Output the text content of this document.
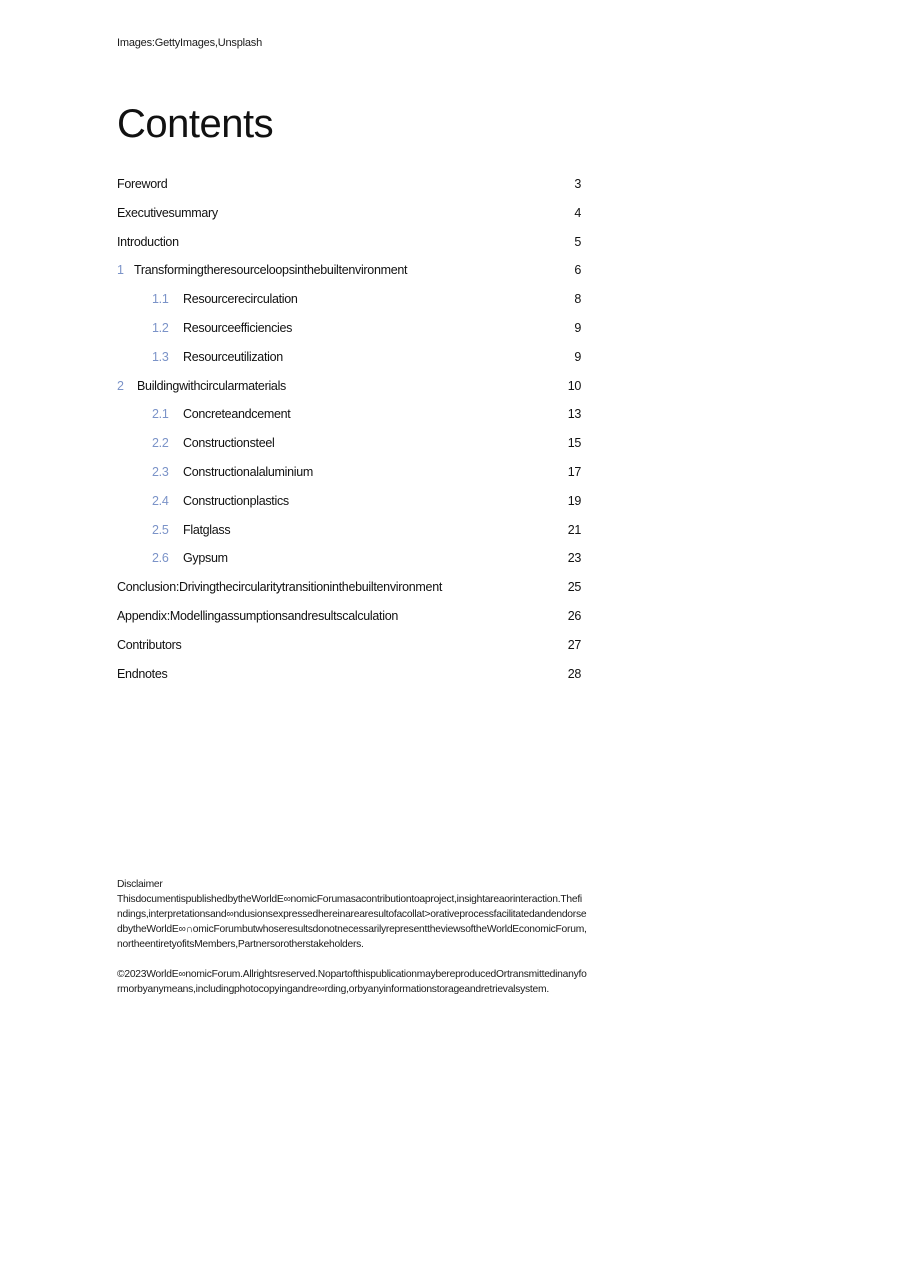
Images:GettyImages,Unsplash
Contents
Foreword	3
Executivesummary	4
Introduction	5
1 Transformingtheresourceloopsinthebuiltenvironment	6
1.1	Resourcerecirculation	8
1.2	Resourceefficiencies	9
1.3	Resourceutilization	9
2	Buildingwithcircularmaterials	10
2.1	Concreteandcement	13
2.2	Constructionsteel	15
2.3	Constructionalaluminium	17
2.4	Constructionplastics	19
2.5	Flatglass	21
2.6	Gypsum	23
Conclusion:Drivingthecircularitytransitioninthebuiltenvironment	25
Appendix:Modellingassumptionsandresultscalculation	26
Contributors	27
Endnotes	28
Disclaimer
ThisdocumentispublishedbytheWorldE∞nomicForumasacontributiontoaproject,insightareaorinteraction.Thefindings,interpretationsand∞ndusionsexpressedhereinarearesultofacollat>orativeprocessfacilitatedandendorsedbytheWorldE∞∩omicForumbutwhoseresultsdonotnecessarilyrepresenttheviewsoftheWorldEconomicForum,northeentiretyofitsMembers,Partnersorotherstakeholders.
©2023WorldE∞nomicForum.Allrightsreserved.NopartofthispublicationmaybereproducedOrtransmittedinanyformorbyanymeans,includingphotocopyingandre∞rding,orbyanyinformationstorageandretrievalsystem.
